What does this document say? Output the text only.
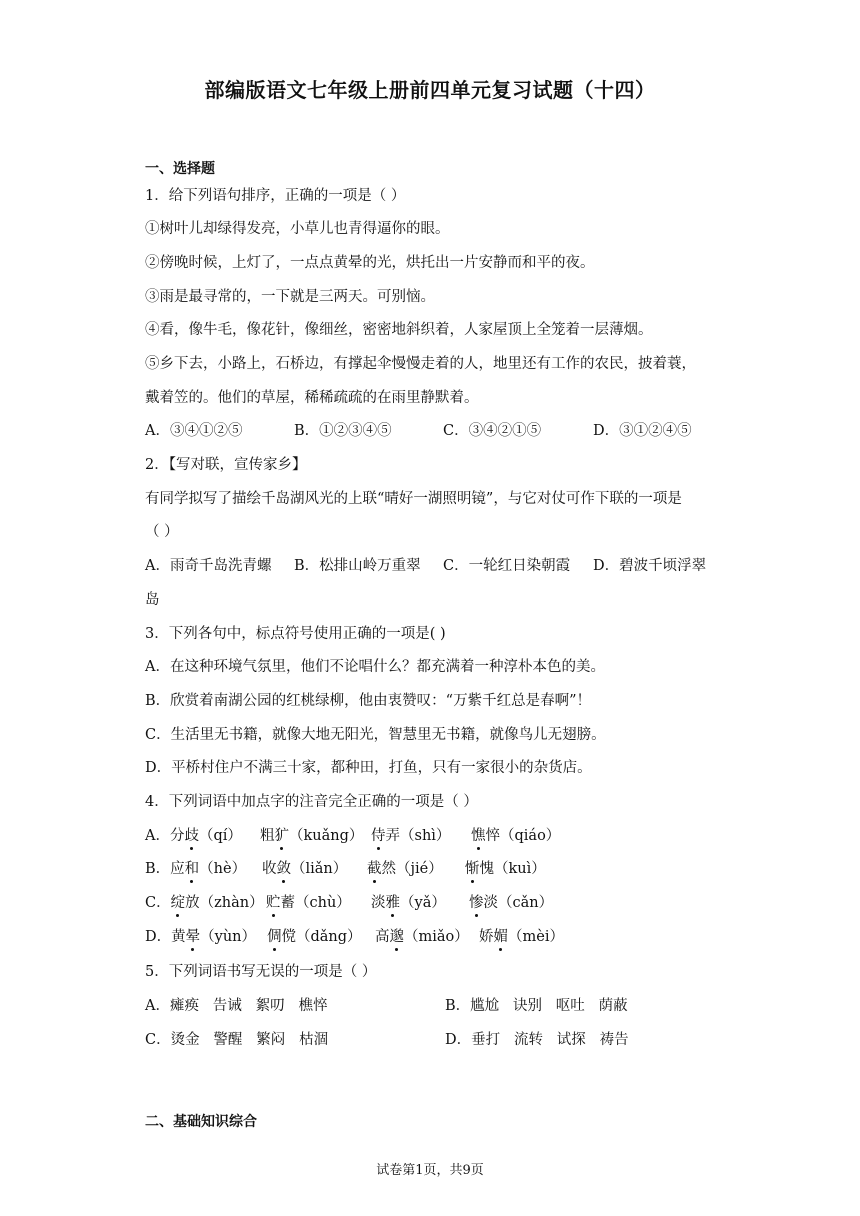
部编版语文七年级上册前四单元复习试题（十四）
一、选择题
1．给下列语句排序，正确的一项是（ ）
①树叶儿却绿得发亮，小草儿也青得逼你的眼。
②傍晚时候，上灯了，一点点黄晕的光，烘托出一片安静而和平的夜。
③雨是最寻常的，一下就是三两天。可别恼。
④看，像牛毛，像花针，像细丝，密密地斜织着，人家屋顶上全笼着一层薄烟。
⑤乡下去，小路上，石桥边，有撑起伞慢慢走着的人，地里还有工作的农民，披着蓑，
戴着笠的。他们的草屋，稀稀疏疏的在雨里静默着。
A．③④①②⑤	B．①②③④⑤	C．③④②①⑤	D．③①②④⑤
2．【写对联，宣传家乡】
有同学拟写了描绘千岛湖风光的上联“晴好一湖照明镜”，与它对仗可作下联的一项是
（ ）
A．雨奇千岛洗青螺 B．松排山岭万重翠 C．一轮红日染朝霞 D．碧波千顷浮翠
岛
3．下列各句中，标点符号使用正确的一项是( )
A．在这种环境气氛里，他们不论唱什么？都充满着一种淳朴本色的美。
B．欣赏着南湖公园的红桃绿柳，他由衷赞叹：“万紫千红总是春啊”！
C．生活里无书籍，就像大地无阳光，智慧里无书籍，就像鸟儿无翅膀。
D．平桥村住户不满三十家，都种田，打鱼，只有一家很小的杂货店。
4．下列词语中加点字的注音完全正确的一项是（ ）
A．分歧（qí） 粗犷（kuǎng） 侍弄（shì） 憔悴（qiáo）
B．应和（hè） 收敛（liǎn） 截然（jié） 惭愧（kuì）
C．绽放（zhàn） 贮蓄（chù） 淡雅（yǎ） 惨淡（cǎn）
D．黄晕（yùn） 倜傥（dǎng） 高邈（miǎo） 娇媚（mèi）
5．下列词语书写无误的一项是（ ）
A．瘫痪   告诫   絮叨   樵悴	B．尴尬   诀别   呕吐   荫蔽
C．烫金   警醒   繁闷   枯涸	D．垂打   流转   试探   祷告
二、基础知识综合
试卷第1页，共9页
